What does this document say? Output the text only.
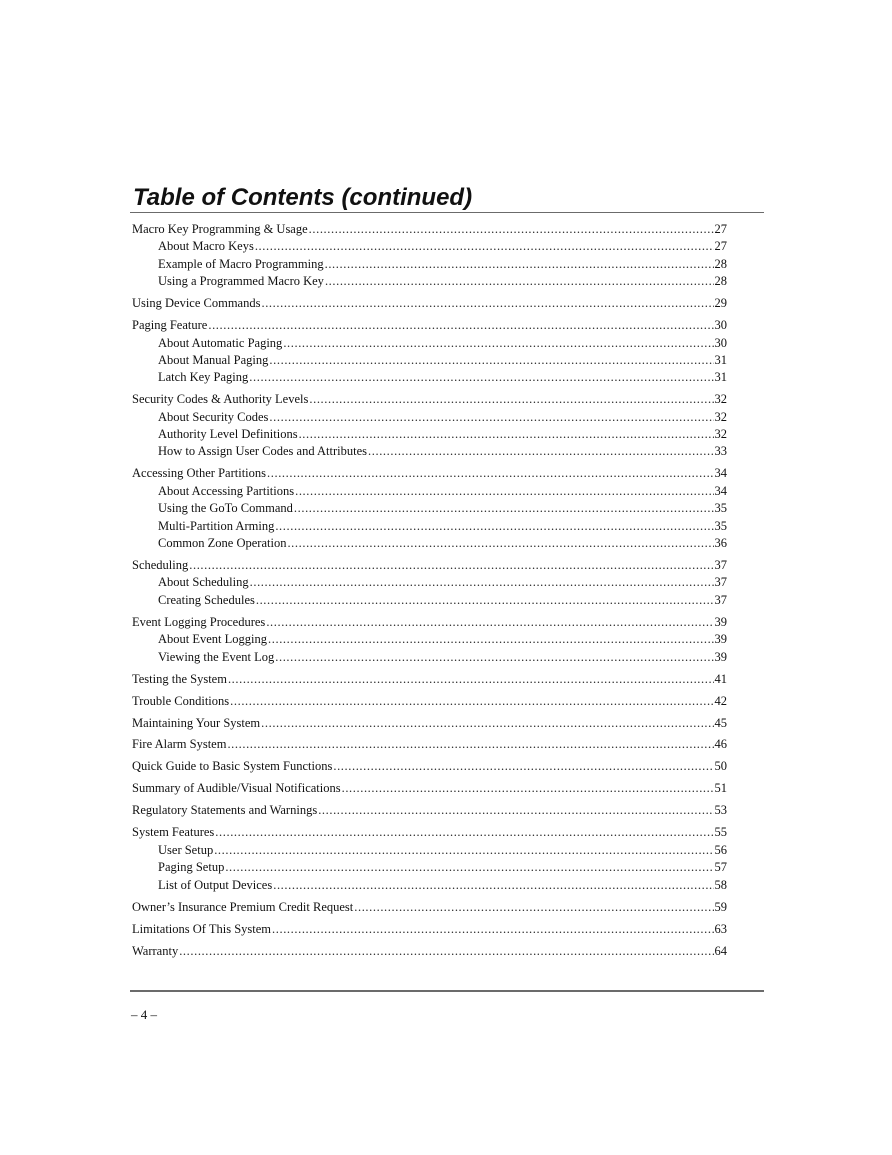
Table of Contents (continued)
Macro Key Programming & Usage .....	27
About Macro Keys .....	27
Example of Macro Programming .....	28
Using a Programmed Macro Key .....	28
Using Device Commands .....	29
Paging Feature .....	30
About Automatic Paging .....	30
About Manual Paging .....	31
Latch Key Paging .....	31
Security Codes & Authority Levels .....	32
About Security Codes .....	32
Authority Level Definitions .....	32
How to Assign User Codes and Attributes .....	33
Accessing Other Partitions .....	34
About Accessing Partitions .....	34
Using the GoTo Command .....	35
Multi-Partition Arming .....	35
Common Zone Operation .....	36
Scheduling .....	37
About Scheduling .....	37
Creating Schedules .....	37
Event Logging Procedures .....	39
About Event Logging .....	39
Viewing the Event Log .....	39
Testing the System .....	41
Trouble Conditions .....	42
Maintaining Your System .....	45
Fire Alarm System .....	46
Quick Guide to Basic System Functions .....	50
Summary of Audible/Visual Notifications .....	51
Regulatory Statements and Warnings .....	53
System Features .....	55
User Setup .....	56
Paging Setup .....	57
List of Output Devices .....	58
Owner’s Insurance Premium Credit Request .....	59
Limitations Of This System .....	63
Warranty .....	64
– 4 –
